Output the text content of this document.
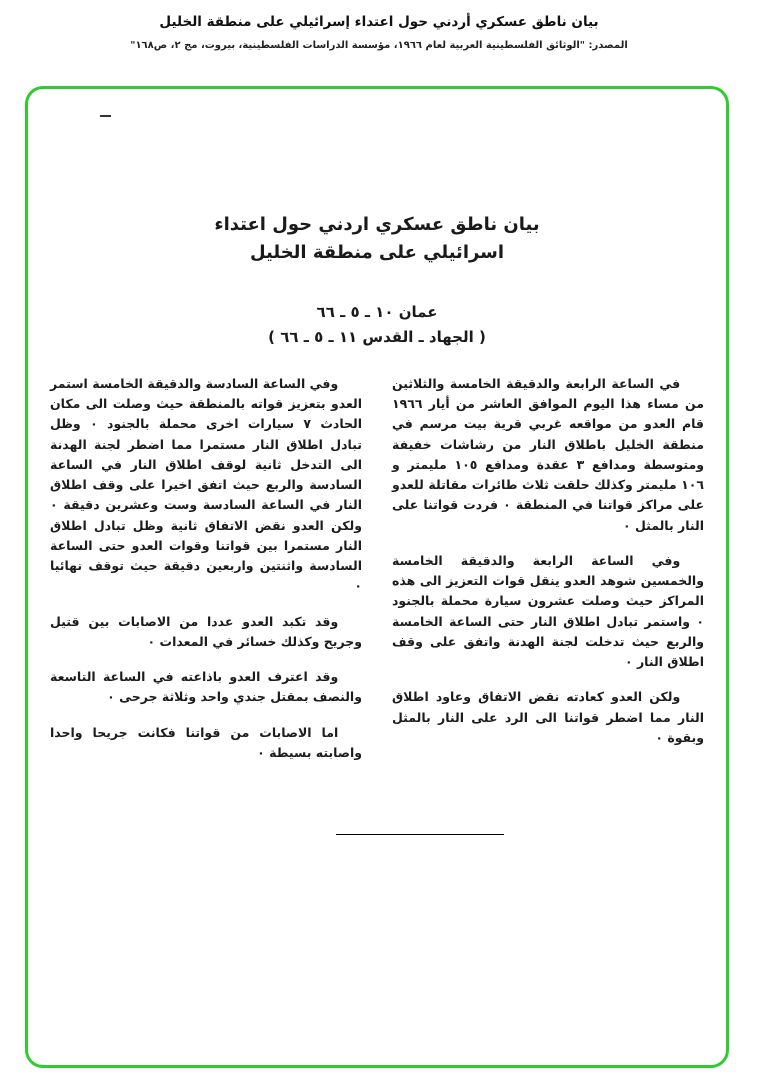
بيان ناطق عسكري أردني حول اعتداء إسرائيلي على منطقة الخليل
المصدر: "الوثائق الفلسطينية العربية لعام ١٩٦٦، مؤسسة الدراسات الفلسطينية، بيروت، مج ٢، ص١٦٨"
بيان ناطق عسكري اردني حول اعتداء
اسرائيلي على منطقة الخليل
عمان ١٠ ـ ٥ ـ ٦٦
( الجهاد ـ القدس ١١ ـ ٥ ـ ٦٦ )

في الساعة الرابعة والدقيقة الخامسة والثلاثين من مساء هذا اليوم الموافق العاشر من أيار ١٩٦٦ قام العدو من مواقعه غربي قرية بيت مرسم في منطقة الخليل باطلاق النار من رشاشات خفيفة ومتوسطة ومدافع ٣ عقدة ومدافع ١٠٥ مليمتر و ١٠٦ مليمتر وكذلك حلقت ثلاث طائرات مقاتلة للعدو على مراكز قواتنا في المنطقة ٠ فردت قواتنا على النار بالمثل ٠

وفي الساعة الرابعة والدقيقة الخامسة والخمسين شوهد العدو ينقل قوات التعزيز الى هذه المراكز حيث وصلت عشرون سيارة محملة بالجنود ٠ واستمر تبادل اطلاق النار حتى الساعة الخامسة والربع حيث تدخلت لجنة الهدنة واتفق على وقف اطلاق النار ٠

ولكن العدو كعادته نقض الاتفاق وعاود اطلاق النار مما اضطر قواتنا الى الرد على النار بالمثل وبقوة ٠

وفي الساعة السادسة والدقيقة الخامسة استمر العدو بتعزيز قواته بالمنطقة حيث وصلت الى مكان الحادث ٧ سيارات اخرى محملة بالجنود ٠ وظل تبادل اطلاق النار مستمرا مما اضطر لجنة الهدنة الى التدخل ثانية لوقف اطلاق النار في الساعة السادسة والربع حيث اتفق اخيرا على وقف اطلاق النار في الساعة السادسة وست وعشرين دقيقة ٠ ولكن العدو نقض الاتفاق ثانية وظل تبادل اطلاق النار مستمرا بين قواتنا وقوات العدو حتى الساعة السادسة واثنتين واربعين دقيقة حيث توقف نهائيا ٠

وقد تكبد العدو عددا من الاصابات بين قتيل وجريح وكذلك خسائر في المعدات ٠

وقد اعترف العدو باذاعته في الساعة التاسعة والنصف بمقتل جندي واحد وثلاثة جرحى ٠

اما الاصابات من قواتنا فكانت جريحا واحدا واصابته بسيطة ٠
